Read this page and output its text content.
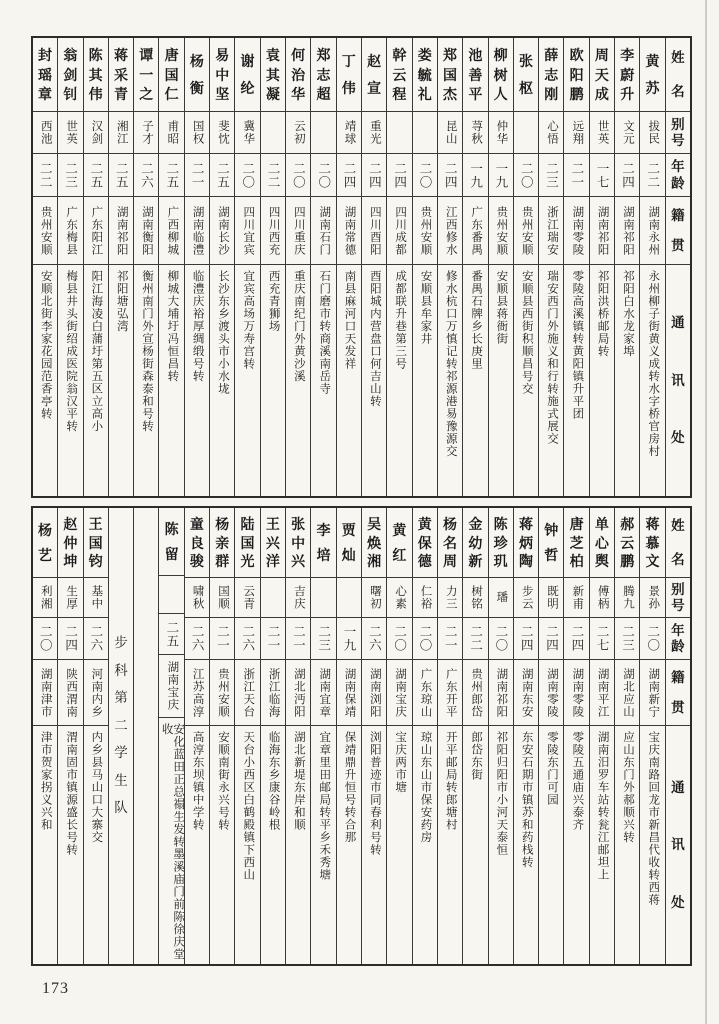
姓
名
别
号
年
龄
籍
贯
通
讯
处
黄
苏
拔民
二二
湖南永州
永州柳子街黄义成转水字桥官房村
李
蔚
升
文元
二四
湖南祁阳
祁阳白水龙家埠
周
天
成
世英
一七
湖南祁阳
祁阳洪桥邮局转
欧
阳
鹏
远翔
二一
湖南零陵
零陵高溪镇转黄阳镇升平团
薛
志
刚
心悟
二三
浙江瑞安
瑞安西门外施义和行转施式展交
张
枢
二〇
贵州安顺
安顺县西街积顺昌号交
柳
树
人
仲华
一九
贵州安顺
安顺县蒋衙街
池
善
平
荨秋
一九
广东番禺
番禺石牌乡长庚里
郑
国
杰
昆山
二四
江西修水
修水杭口万慎记转祁源港易豫源交
娄
毓
礼
二〇
贵州安顺
安顺县牟家井
幹
云
程
二四
四川成都
成都联升巷第三号
赵
宣
重光
二四
四川酉阳
酉阳城内营盘口何吉山转
丁
伟
靖球
二四
湖南常德
南县麻河口天发祥
郑
志
超
二〇
湖南石门
石门磨市转商溪南岳寺
何
治
华
云初
二〇
四川重庆
重庆南纪门外黄沙溪
袁
其
凝
二二
四川西充
西充青狮场
谢
纶
冀华
二〇
四川宜宾
宜宾高场万寿宫转
易
中
坚
斐忱
二五
湖南长沙
长沙东乡渡头市小水垅
杨
衡
国权
二一
湖南临澧
临澧庆裕厚绸缎号转
唐
国
仁
甫昭
二五
广西柳城
柳城大埔圩冯恒昌转
谭
一
之
子才
二六
湖南衡阳
衡州南门外宣杨街森泰和号转
蒋
采
青
湘江
二五
湖南祁阳
祁阳塘弘湾
陈
其
伟
汉剑
二五
广东阳江
阳江海凌白蒲圩第五区立高小
翁
剑
钊
世英
二三
广东梅县
梅县井头街绍成医院翁汉平转
封
瑶
章
西池
二二
贵州安顺
安顺北街李家花园范香亭转
姓
名
别
号
年
龄
籍
贯
通
讯
处
蒋
慕
文
景孙
二〇
湖南新宁
宝庆南路回龙市新昌代收转西蒋
郝
云
鹏
腾九
二三
湖北应山
应山东门外郝顺兴转
单
心
舆
傅柄
二七
湖南平江
湖南汨罗车站转瓮江邮坦上
唐
芝
柏
新甫
二四
湖南零陵
零陵五通庙兴泰齐
钟
哲
既明
二四
湖南零陵
零陵东门可园
蒋
炳
陶
步云
二四
湖南东安
东安石期市镇苏和药栈转
陈
珍
玑
璠
二〇
湖南祁阳
祁阳归阳市小河天泰恒
金
幼
新
树铭
二二
贵州郎岱
郎岱东街
杨
名
周
力三
二一
广东开平
开平邮局转郎塘村
黄
保
德
仁裕
二〇
广东琼山
琼山东山市保安药房
黄
红
心素
二〇
湖南宝庆
宝庆两市塘
吴
焕
湘
曙初
二六
湖南浏阳
浏阳普迹市同春利号转
贾
灿
一九
湖南保靖
保靖鼎升恒号转合那
李
培
二三
湖南宜章
宜章里田邮局转平乡禾秀塘
张
中
兴
吉庆
二一
湖北沔阳
湖北新堤东岸和顺
王
兴
洋
二一
浙江临海
临海东乡康谷岭根
陆
国
光
云青
二六
浙江天台
天台小西区白鹤殿镇下西山
杨
亲
群
国顺
二一
贵州安顺
安顺南街永兴号转
童
良
骏
啸秋
二六
江苏高淳
高淳东坝镇中学转
陈
留
二五
湖南宝庆
安化蓝田正总禢生发转墨溪庙门前陈徐庆堂收
步
科
第
二
学
生
队
王
国
钧
基中
二六
河南内乡
内乡县马山口大寨交
赵
仲
坤
生厚
二四
陕西渭南
渭南固市镇源盛长号转
杨
艺
利湘
二〇
湖南津市
津市贺家拐义兴和
173
